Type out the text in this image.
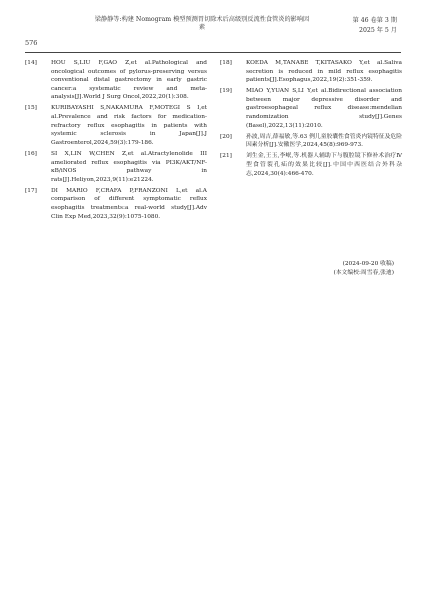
576
梁静静等:构建 Nomogram 模型预测胃切除术后高级别反流性食管炎的影响因素
第 46 卷第 3 期
2025 年 5 月
[14]	HOU S,LIU F,GAO Z,et al.Pathological and oncological outcomes of pylorus-preserving versus conventional distal gastrectomy in early gastric cancer:a systematic review and meta-analysis[J].World J Surg Oncol,2022,20(1):308.
[15]	KURIBAYASHI S,NAKAMURA F,MOTEGI S I,et al.Prevalence and risk factors for medication-refractory reflux esophagitis in patients with systemic sclerosis in Japan[J].J Gastroenterol,2024,59(3):179-186.
[16]	SI X,LIN W,CHEN Z,et al.Atractylenolide III ameliorated reflux esophagitis via PI3K/AKT/NF-κB/iNOS pathway in rats[J].Heliyon,2023,9(11):e21224.
[17]	DI MARIO F,CRAFA P,FRANZONI L,et al.A comparison of different symptomatic reflux esophagitis treatments:a real-world study[J].Adv Clin Exp Med,2023,32(9):1075-1080.
[18]	KOEDA M,TANABE T,KITASAKO Y,et al.Saliva secretion is reduced in mild reflux esophagitis patients[J].Esophagus,2022,19(2):351-359.
[19]	MIAO Y,YUAN S,LI Y,et al.Bidirectional association between major depressive disorder and gastroesophageal reflux disease:mendelian randomization study[J].Genes (Basel),2022,13(11):2010.
[20]	孙波,周吉,薛福敏,等.63 例儿童胶囊性食管炎内镜特征及危险因素分析[J].安徽医学,2024,45(8):969-973.
[21]	刘生金,王玉,李岷,等.机器人辅助下与腹腔镜下修补术治疗Ⅳ型食管裂孔疝的效果比较[J].中国中西医结合外科杂志,2024,30(4):466-470.
(2024-09-20 收稿)
(本文编校:周雪春,张迪)
